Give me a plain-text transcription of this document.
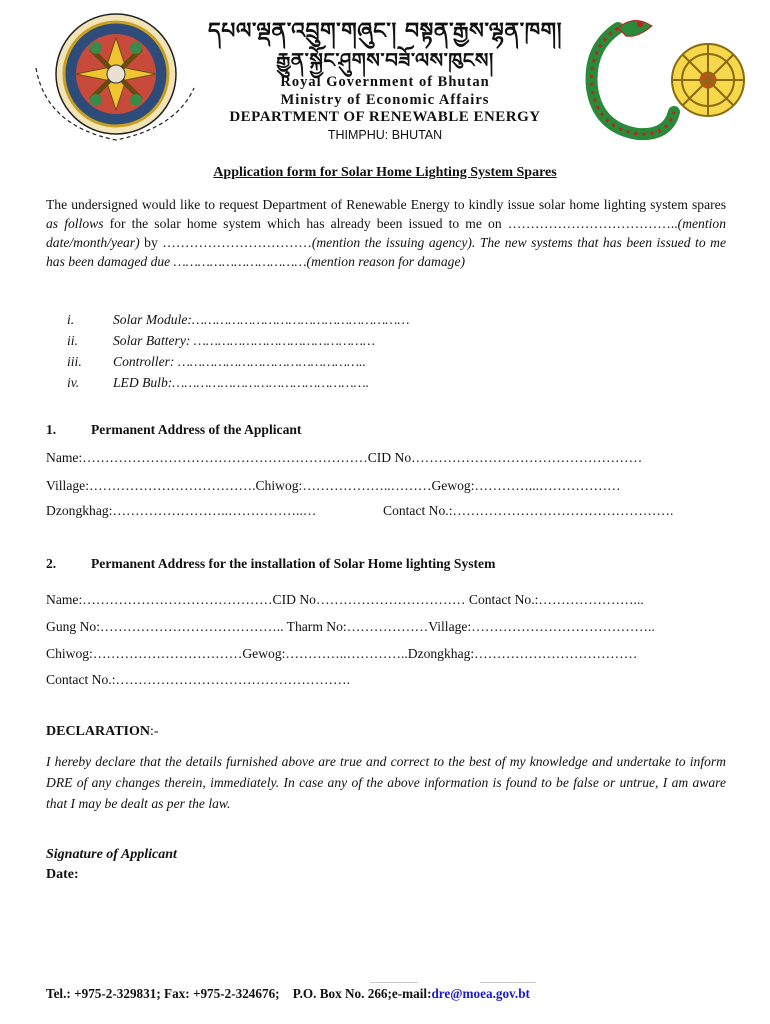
དཔལ་ལྡན་འབྲུག་གཞུང་། བསྟན་རྒྱས་ལྷན་ཁག།
རྒྱུན་སྐྱོང་ཤུགས་བཟོ་ལས་ཁུངས།
Royal Government of Bhutan
Ministry of Economic Affairs
DEPARTMENT OF RENEWABLE ENERGY
THIMPHU: BHUTAN
Application form for Solar Home Lighting System Spares
The undersigned would like to request Department of Renewable Energy to kindly issue solar home lighting system spares as follows for the solar home system which has already been issued to me on ………………………………..(mention date/month/year) by ……………………………(mention the issuing agency). The new systems that has been issued to me has been damaged due ……………………………(mention reason for damage)
i.	Solar Module:………………………………………………
ii.	Solar Battery: ………………………………………
iii. Controller: ………………………………………..
iv. LED Bulb:………………………………………….
1.	Permanent Address of the Applicant
Name:………………………………………………………CID No……………………………………………
Village:……………………………….Chiwog:………………..………Gewog:…………...………………
Dzongkhag:……………………..……………..…	Contact No.:………………………………………….
2.	Permanent Address for the installation of Solar Home lighting System
Name:……………………………………CID No…………………………… Contact No.:…………………...
Gung No:………………………………….. Tharm No:………………Village:…………………………………..
Chiwog:……………………………Gewog:…………..…………..Dzongkhag:………………………………
Contact No.:…………………………………………….
DECLARATION:-
I hereby declare that the details furnished above are true and correct to the best of my knowledge and undertake to inform DRE of any changes therein, immediately. In case any of the above information is found to be false or untrue, I am aware that I may be dealt as per the law.
Signature of Applicant
Date:
Tel.: +975-2-329831; Fax: +975-2-324676;    P.O. Box No. 266;e-mail:dre@moea.gov.bt
